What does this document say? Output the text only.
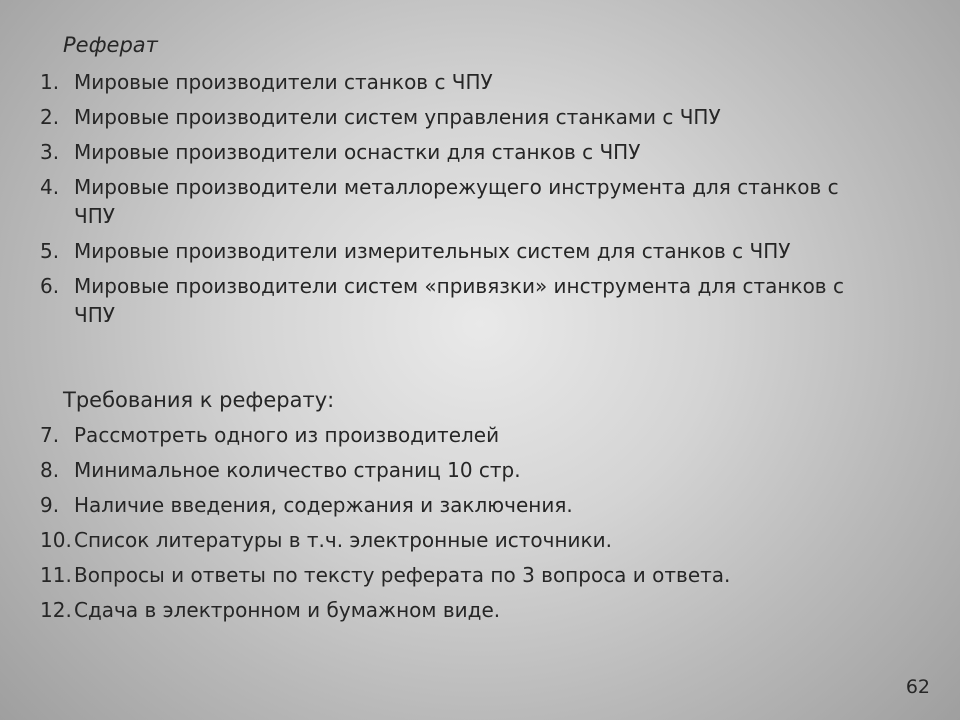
Реферат
1. Мировые производители станков с ЧПУ
2. Мировые производители систем управления станками с ЧПУ
3. Мировые производители оснастки для станков с ЧПУ
4. Мировые производители металлорежущего инструмента для станков с ЧПУ
5. Мировые производители измерительных систем для станков с ЧПУ
6. Мировые производители систем «привязки» инструмента для станков с ЧПУ
Требования к реферату:
7. Рассмотреть одного из производителей
8. Минимальное количество страниц 10 стр.
9. Наличие введения, содержания и заключения.
10. Список литературы в т.ч. электронные источники.
11. Вопросы и ответы по тексту реферата по 3 вопроса и ответа.
12. Сдача в электронном и бумажном виде.
62
